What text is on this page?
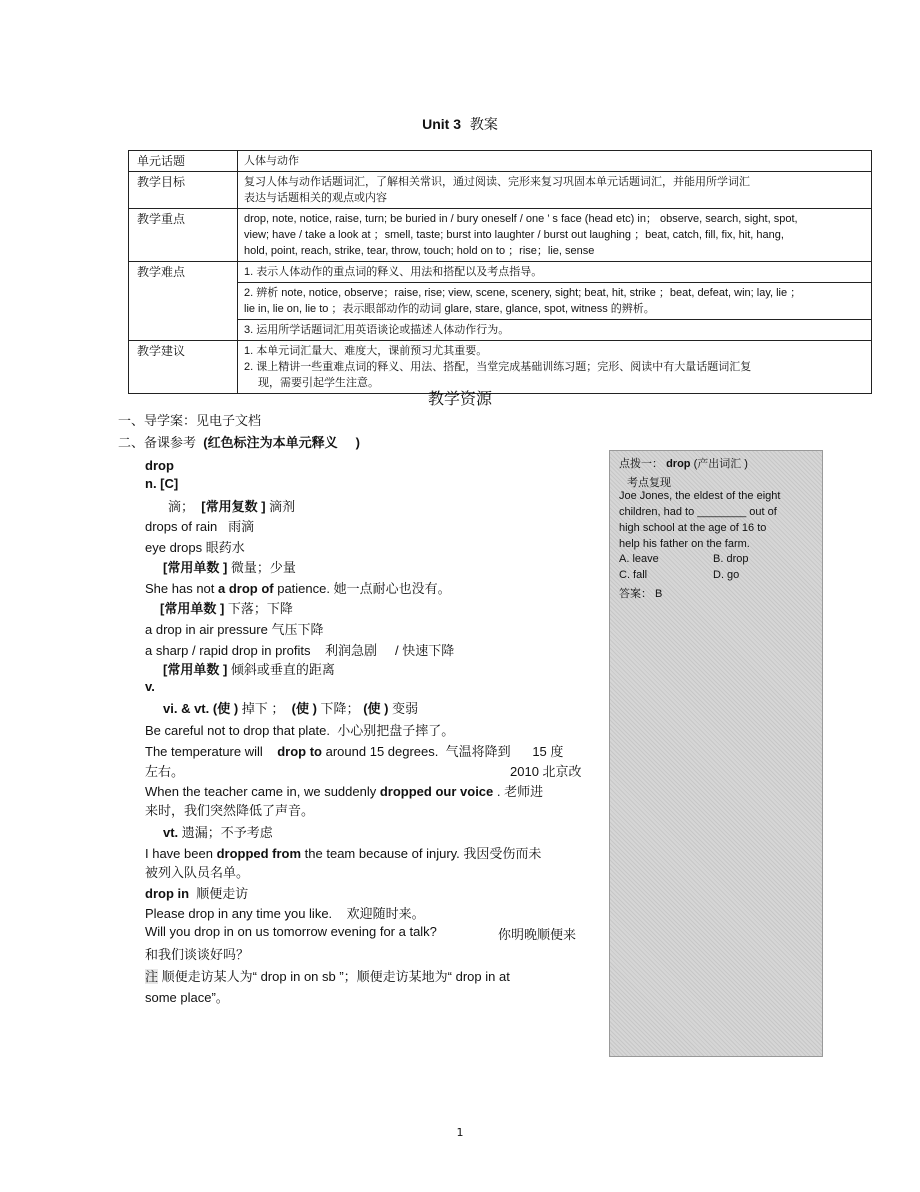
Unit 3 教案
单元话题	人体与动作
教学目标	复习人体与动作话题词汇，了解相关常识，通过阅读、完形来复习巩固本单元话题词汇，并能用所学词汇
表达与话题相关的观点或内容

教学重点	drop, note, notice, raise, turn; be buried in / bury oneself / one ’ s face (head etc) in； observe, search, sight, spot,
view; have / take a look at ；smell, taste; burst into laughter / burst out laughing ；beat, catch, fill, fix, hit, hang,
hold, point, reach, strike, tear, throw, touch; hold on to ；rise；lie, sense

教学难点	1. 表示人体动作的重点词的释义、用法和搭配以及考点指导。

	2. 辨析 note, notice, observe；raise, rise; view, scene, scenery, sight; beat, hit, strike ；beat, defeat, win; lay, lie ；
lie in, lie on, lie to ；表示眼部动作的动词 glare, stare, glance, spot, witness 的辨析。

	3. 运用所学话题词汇用英语谈论或描述人体动作行为。
教学建议	1. 本单元词汇量大、难度大，课前预习尤其重要。
2. 课上精讲一些重难点词的释义、用法、搭配，当堂完成基础训练习题；完形、阅读中有大量话题词汇复
现，需要引起学生注意。
教学资源
一、导学案：见电子文档
二、备课参考 (红色标注为本单元释义 )
drop
n. [C]
滴； [常用复数 ] 滴剂
drops of rain 雨滴
eye drops 眼药水
[常用单数 ] 微量；少量
She has not a drop of patience. 她一点耐心也没有。
[常用单数 ] 下落；下降
a drop in air pressure 气压下降
a sharp / rapid drop in profits 利润急剧 / 快速下降
[常用单数 ] 倾斜或垂直的距离
v.
vi. & vt. (使 ) 掉下 ； (使 ) 下降； (使 ) 变弱
Be careful not to drop that plate. 小心别把盘子摔了。
The temperature will drop to around 15 degrees. 气温将降到 15 度
左右。	2010 北京改
When the teacher came in, we suddenly dropped our voice . 老师进
来时，我们突然降低了声音。
vt. 遗漏；不予考虑
I have been dropped from the team because of injury. 我因受伤而未
被列入队员名单。
drop in 顺便走访
Please drop in any time you like. 欢迎随时来。
Will you drop in on us tomorrow evening for a talk?	你明晚顺便来
和我们谈谈好吗？
注 顺便走访某人为“ drop in on sb ”；顺便走访某地为“ drop in at
some place”。
点拨一： drop (产出词汇 )
考点复现
Joe Jones, the eldest of the eight
children, had to ________ out of
high school at the age of 16 to
help his father on the farm.
A. leave	B. drop
C. fall	D. go
答案： B
1
